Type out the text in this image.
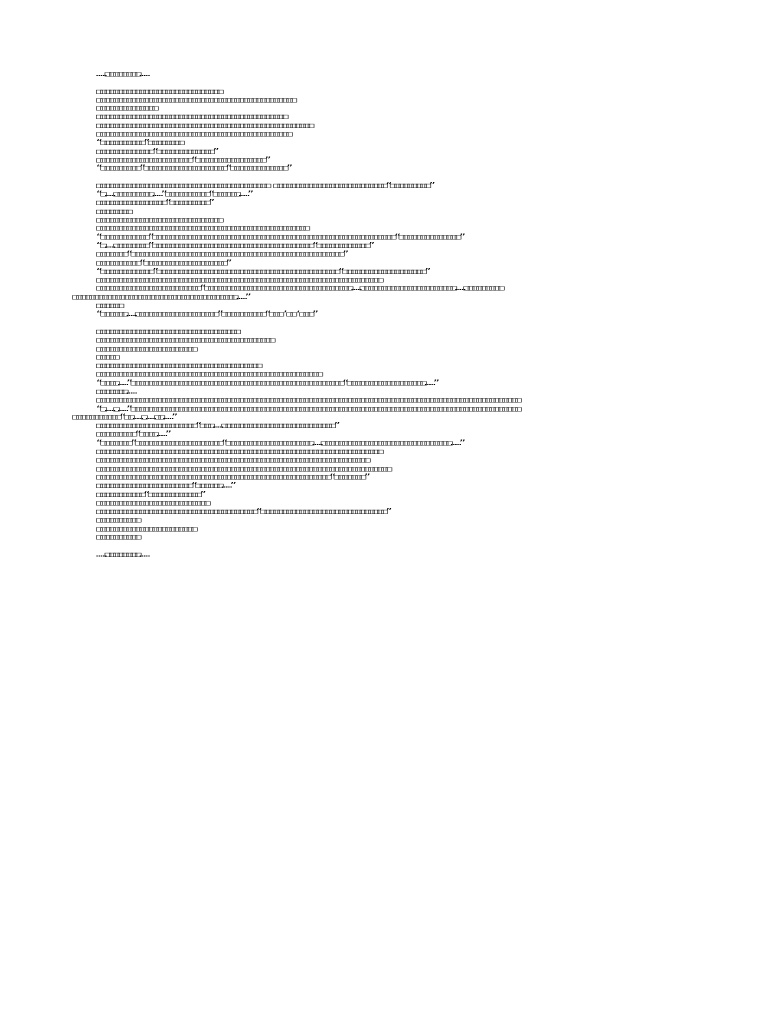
……□□□□□□□□……
□□□□□□□□□□□□□□□□□□□□□□□□□□□□□
□□□□□□□□□□□□□□□□□□□□□□□□□□□□□□□□□□□□□□□□□□□□□□
□□□□□□□□□□□□□□
□□□□□□□□□□□□□□□□□□□□□□□□□□□□□□□□□□□□□□□□□□□□
□□□□□□□□□□□□□□□□□□□□□□□□□□□□□□□□□□□□□□□□□□□□□□□□□□
□□□□□□□□□□□□□□□□□□□□□□□□□□□□□□□□□□□□□□□□□□□□□
“□□□□□□□□□□”□□□□□□□□
□□□□□□□□□□□□□“□□□□□□□□□□□□□”
□□□□□□□□□□□□□□□□□□□□□□“□□□□□□□□□□□□□□□□”
“□□□□□□□□□”□□□□□□□□□□□□□□□□□□□“□□□□□□□□□□□□□”
□□□□□□□□□□□□□□□□□□□□□□□□□□□□□□□□□□□□□□□□ □□□□□□□□□□□□□□□□□□□□□□□□□□“□□□□□□□□□”
“□……□□□□□□□□□……”□□□□□□□□□□“□□□□□□……”
□□□□□□□□□□□□□□□□“□□□□□□□□□”
□□□□□□□□
□□□□□□□□□□□□□□□□□□□□□□□□□□□□□
□□□□□□□□□□□□□□□□□□□□□□□□□□□□□□□□□□□□□□□□□□□□□□□□□
“□□□□□□□□□□□”□□□□□□□□□□□□□□□□□□□□□□□□□□□□□□□□□□□□□□□□□□□□□□□□□□□□□□□□“□□□□□□□□□□□□□□”
“□……□□□□□□□□”□□□□□□□□□□□□□□□□□□□□□□□□□□□□□□□□□□□□□“□□□□□□□□□□□□”
□□□□□□□“□□□□□□□□□□□□□□□□□□□□□□□□□□□□□□□□□□□□□□□□□□□□□□□□□”
□□□□□□□□□□“□□□□□□□□□□□□□□□□□□□”
“□□□□□□□□□□□□”□□□□□□□□□□□□□□□□□□□□□□□□□□□□□□□□□□□□□□□□□□“□□□□□□□□□□□□□□□□□□□”
□□□□□□□□□□□□□□□□□□□□□□□□□□□□□□□□□□□□□□□□□□□□□□□□□□□□□□□□□□□□□□□□□□
□□□□□□□□□□□□□□□□□□□□□□□□“□□□□□□□□□□□□□□□□□□□□□□□□□□□□□□□□□□……□□□□□□□□□□□□□□□□□□□□□□……□□□□□□□□□
□□□□□□□□□□□□□□□□□□□□□□□□□□□□□□□□□□□□□□……”
□□□□□□
“□□□□□□……□□□□□□□□□□□□□□□□□□□”□□□□□□□□□□“□□□’□□‘□□□”
□□□□□□□□□□□□□□□□□□□□□□□□□□□□□□□□□
□□□□□□□□□□□□□□□□□□□□□□□□□□□□□□□□□□□□□□□□□
□□□□□□□□□□□□□□□□□□□□□□□
□□□□□
□□□□□□□□□□□□□□□□□□□□□□□□□□□□□□□□□□□□□□
□□□□□□□□□□□□□□□□□□□□□□□□□□□□□□□□□□□□□□□□□□□□□□□□□□□□
“□□□□……”□□□□□□□□□□□□□□□□□□□□□□□□□□□□□□□□□□□□□□□□□□□□□□□□□“□□□□□□□□□□□□□□□□□□……”
□□□□□□□……
□□□□□□□□□□□□□□□□□□□□□□□□□□□□□□□□□□□□□□□□□□□□□□□□□□□□□□□□□□□□□□□□□□□□□□□□□□□□□□□□□□□□□□□□□□□□□□□□□□
“□……□……”□□□□□□□□□□□□□□□□□□□□□□□□□□□□□□□□□□□□□□□□□□□□□□□□□□□□□□□□□□□□□□□□□□□□□□□□□□□□□□□□□□□□□□□□□□
□□□□□□□□□□□“□□……□……□□……”
□□□□□□□□□□□□□□□□□□□□□□□“□□□……□□□□□□□□□□□□□□□□□□□□□□□□□□”
□□□□□□□□□“□□□□……”
“□□□□□□□”□□□□□□□□□□□□□□□□□□□□“□□□□□□□□□□□□□□□□□□□□……□□□□□□□□□□□□□□□□□□□□□□□□□□□□□□……”
□□□□□□□□□□□□□□□□□□□□□□□□□□□□□□□□□□□□□□□□□□□□□□□□□□□□□□□□□□□□□□□□□□
□□□□□□□□□□□□□□□□□□□□□□□□□□□□□□□□□□□□□□□□□□□□□□□□□□□□□□□□□□□□□□□
□□□□□□□□□□□□□□□□□□□□□□□□□□□□□□□□□□□□□□□□□□□□□□□□□□□□□□□□□□□□□□□□□□□□
□□□□□□□□□□□□□□□□□□□□□□□□□□□□□□□□□□□□□□□□□□□□□□□□□□□□□□“□□□□□□□”
□□□□□□□□□□□□□□□□□□□□□□“□□□□□□……”
□□□□□□□□□□□“□□□□□□□□□□□□”
□□□□□□□□□□□□□□□□□□□□□□□□□□
□□□□□□□□□□□□□□□□□□□□□□□□□□□□□□□□□□□□□“□□□□□□□□□□□□□□□□□□□□□□□□□□□□□”
□□□□□□□□□□
□□□□□□□□□□□□□□□□□□□□□□□
□□□□□□□□□□
……□□□□□□□□……
